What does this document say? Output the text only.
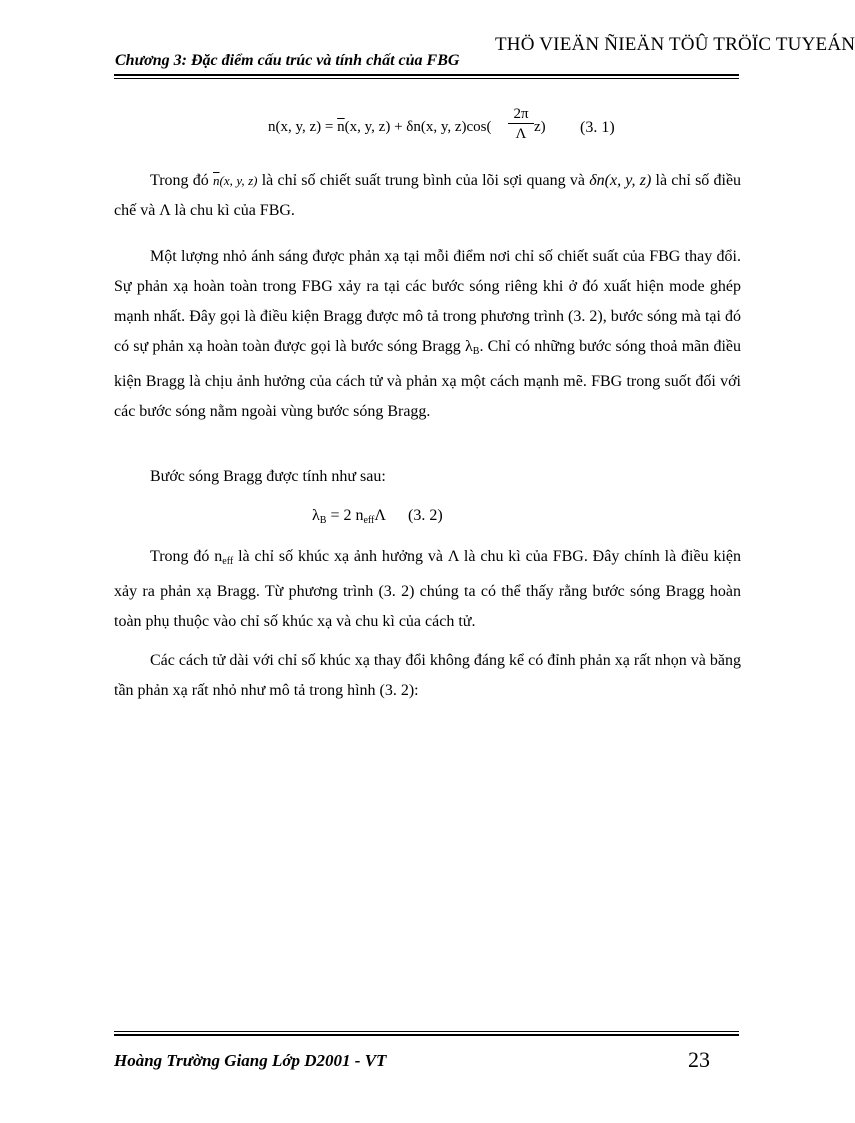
THÖ VIEÄN ÑIEÄN TÖÛ TRÖÏC TUYEÁN
Chương 3: Đặc điểm cấu trúc và tính chất của FBG
n(x, y, $z) = \overline{n}(x$, y, z) + δn(x, y, $z)\cos( \frac{2\pi}{\Lambda} z)$ (3. 1)

Trong đó $\overline{n}(x$, y, z) là chỉ số chiết suất trung bình của lõi sợi quang và δn(x, y, z) là chỉ số điều chế và Λ là chu kì của FBG.

Một lượng nhỏ ánh sáng được phản xạ tại mỗi điểm nơi chỉ số chiết suất của FBG thay đổi. Sự phản xạ hoàn toàn trong FBG xảy ra tại các bước sóng riêng khi ở đó xuất hiện mode ghép mạnh nhất. Đây gọi là điều kiện Bragg được mô tả trong phương trình (3. 2), bước sóng mà tại đó có sự phản xạ hoàn toàn được gọi là bước sóng Bragg $\lambda_B$. Chỉ có những bước sóng thoả mãn điều kiện Bragg là chịu ảnh hưởng của cách tử và phản xạ một cách mạnh mẽ. FBG trong suốt đối với các bước sóng nằm ngoài vùng bước sóng Bragg.

Bước sóng Bragg được tính như sau:

$\lambda_B = 2$ $n_{eff}\Lambda$ (3. 2)

Trong đó $n_{eff}$ là chỉ số khúc xạ ảnh hưởng và Λ là chu kì của FBG. Đây chính là điều kiện xảy ra phản xạ Bragg. Từ phương trình (3. 2) chúng ta có thể thấy rằng bước sóng Bragg hoàn toàn phụ thuộc vào chỉ số khúc xạ và chu kì của cách tử.

Các cách tử dài với chỉ số khúc xạ thay đổi không đáng kể có đỉnh phản xạ rất nhọn và băng tần phản xạ rất nhỏ như mô tả trong hình (3. 2):

Hoàng Trường Giang Lớp D2001 - VT	23
